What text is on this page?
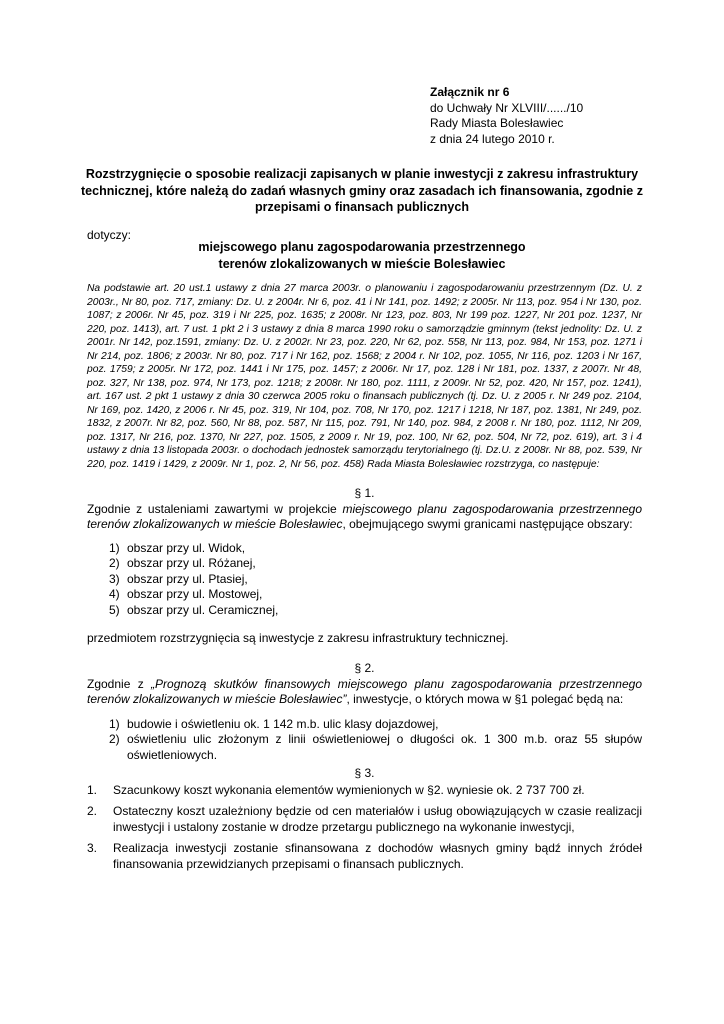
Załącznik nr 6
do Uchwały Nr XLVIII/....../10
Rady Miasta Bolesławiec
z dnia 24 lutego 2010 r.
Rozstrzygnięcie o sposobie realizacji zapisanych w planie inwestycji z zakresu infrastruktury technicznej, które należą do zadań własnych gminy oraz zasadach ich finansowania, zgodnie z przepisami o finansach publicznych
dotyczy:
miejscowego planu zagospodarowania przestrzennego
terenów zlokalizowanych w mieście Bolesławiec
Na podstawie art. 20 ust.1 ustawy z dnia 27 marca 2003r. o planowaniu i zagospodarowaniu przestrzennym (Dz. U. z 2003r., Nr 80, poz. 717, zmiany: Dz. U. z 2004r. Nr 6, poz. 41 i Nr 141, poz. 1492; z 2005r. Nr 113, poz. 954 i Nr 130, poz. 1087; z 2006r. Nr 45, poz. 319 i Nr 225, poz. 1635; z 2008r. Nr 123, poz. 803, Nr 199 poz. 1227, Nr 201 poz. 1237, Nr 220, poz. 1413), art. 7 ust. 1 pkt 2 i 3 ustawy z dnia 8 marca 1990 roku o samorządzie gminnym (tekst jednolity: Dz. U. z 2001r. Nr 142, poz.1591, zmiany: Dz. U. z 2002r. Nr 23, poz. 220, Nr 62, poz. 558, Nr 113, poz. 984, Nr 153, poz. 1271 i Nr 214, poz. 1806; z 2003r. Nr 80, poz. 717 i Nr 162, poz. 1568; z 2004 r. Nr 102, poz. 1055, Nr 116, poz. 1203 i Nr 167, poz. 1759; z 2005r. Nr 172, poz. 1441 i Nr 175, poz. 1457; z 2006r. Nr 17, poz. 128 i Nr 181, poz. 1337, z 2007r. Nr 48, poz. 327, Nr 138, poz. 974, Nr 173, poz. 1218; z 2008r. Nr 180, poz. 1111, z 2009r. Nr 52, poz. 420, Nr 157, poz. 1241), art. 167 ust. 2 pkt 1 ustawy z dnia 30 czerwca 2005 roku o finansach publicznych (tj. Dz. U. z 2005 r. Nr 249 poz. 2104, Nr 169, poz. 1420, z 2006 r. Nr 45, poz. 319, Nr 104, poz. 708, Nr 170, poz. 1217 i 1218, Nr 187, poz. 1381, Nr 249, poz. 1832, z 2007r. Nr 82, poz. 560, Nr 88, poz. 587, Nr 115, poz. 791, Nr 140, poz. 984, z 2008 r. Nr 180, poz. 1112, Nr 209, poz. 1317, Nr 216, poz. 1370, Nr 227, poz. 1505, z 2009 r. Nr 19, poz. 100, Nr 62, poz. 504, Nr 72, poz. 619), art. 3 i 4 ustawy z dnia 13 listopada 2003r. o dochodach jednostek samorządu terytorialnego (tj. Dz.U. z 2008r. Nr 88, poz. 539, Nr 220, poz. 1419 i 1429, z 2009r. Nr 1, poz. 2, Nr 56, poz. 458) Rada Miasta Bolesławiec rozstrzyga, co następuje:
§ 1.
Zgodnie z ustaleniami zawartymi w projekcie miejscowego planu zagospodarowania przestrzennego terenów zlokalizowanych w mieście Bolesławiec, obejmującego swymi granicami następujące obszary:
1) obszar przy ul. Widok,
2) obszar przy ul. Różanej,
3) obszar przy ul. Ptasiej,
4) obszar przy ul. Mostowej,
5) obszar przy ul. Ceramicznej,
przedmiotem rozstrzygnięcia są inwestycje z zakresu infrastruktury technicznej.
§ 2.
Zgodnie z „Prognozą skutków finansowych miejscowego planu zagospodarowania przestrzennego terenów zlokalizowanych w mieście Bolesławiec”, inwestycje, o których mowa w §1 polegać będą na:
1) budowie i oświetleniu ok. 1 142 m.b. ulic klasy dojazdowej,
2) oświetleniu ulic złożonym z linii oświetleniowej o długości ok. 1 300 m.b. oraz 55 słupów oświetleniowych.
§ 3.
1.	Szacunkowy koszt wykonania elementów wymienionych w §2. wyniesie ok. 2 737 700 zł.
2.	Ostateczny koszt uzależniony będzie od cen materiałów i usług obowiązujących w czasie realizacji inwestycji i ustalony zostanie w drodze przetargu publicznego na wykonanie inwestycji,
3.	Realizacja inwestycji zostanie sfinansowana z dochodów własnych gminy bądź innych źródeł finansowania przewidzianych przepisami o finansach publicznych.
